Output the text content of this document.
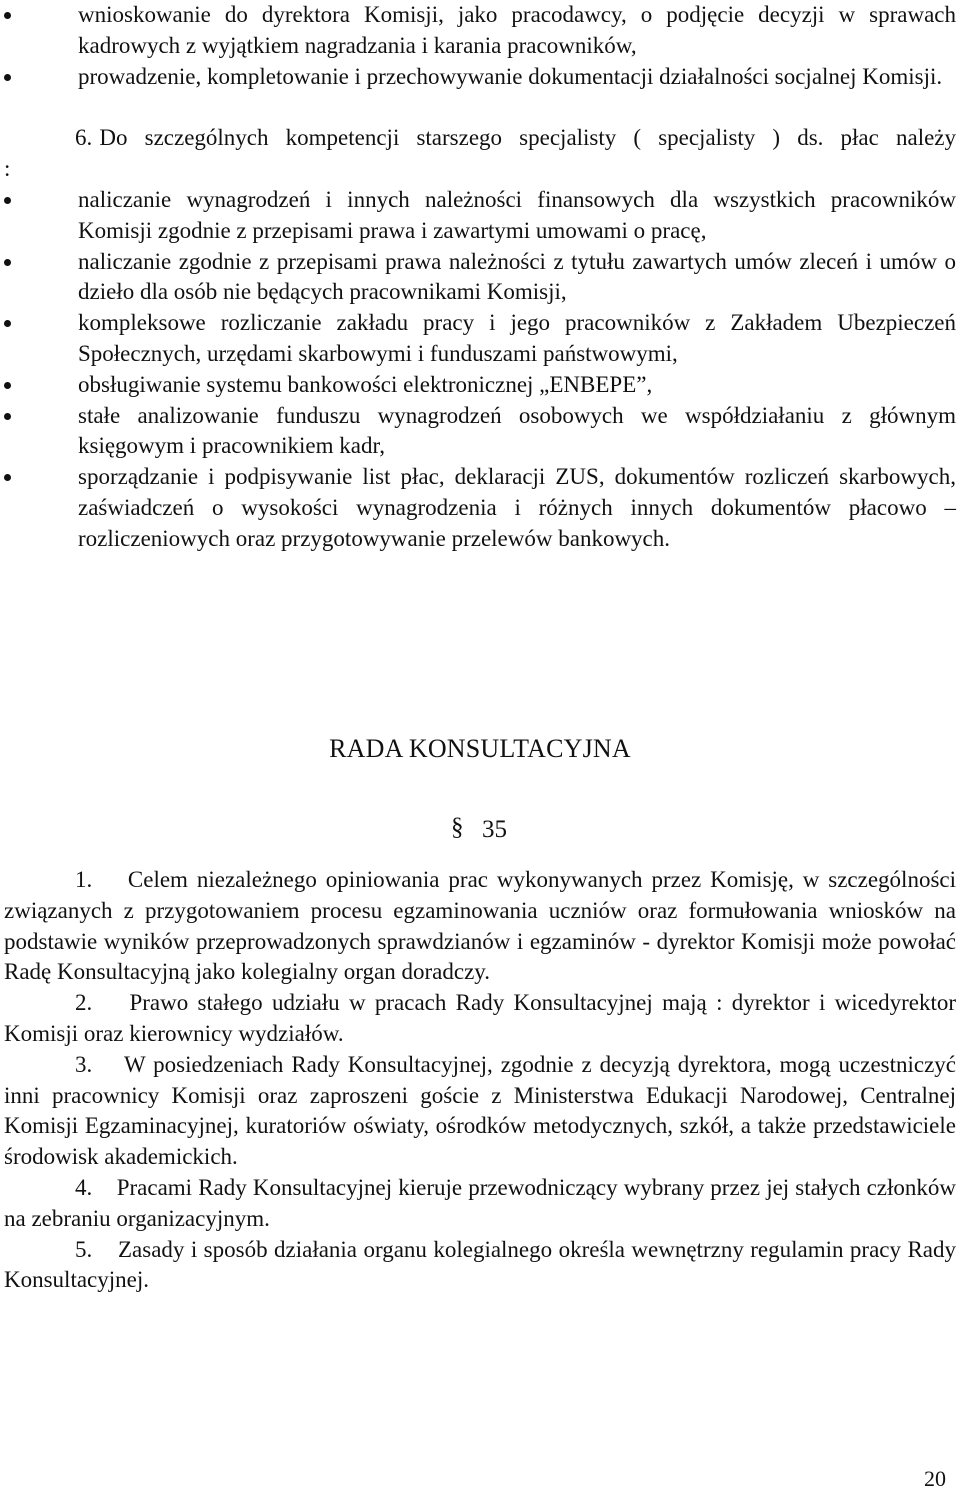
wnioskowanie do dyrektora Komisji, jako pracodawcy, o podjęcie decyzji w sprawach kadrowych z wyjątkiem nagradzania i karania pracowników,
prowadzenie, kompletowanie i przechowywanie dokumentacji działalności socjalnej Komisji.
6. Do szczególnych kompetencji starszego specjalisty ( specjalisty ) ds. płac należy :
naliczanie wynagrodzeń i innych należności finansowych dla wszystkich pracowników Komisji zgodnie z przepisami prawa i zawartymi umowami o pracę,
naliczanie zgodnie z przepisami prawa należności z tytułu zawartych umów zleceń i umów o dzieło dla osób nie będących pracownikami Komisji,
kompleksowe rozliczanie zakładu pracy i jego pracowników z Zakładem Ubezpieczeń Społecznych, urzędami skarbowymi i funduszami państwowymi,
obsługiwanie systemu bankowości elektronicznej „ENBEPE”,
stałe analizowanie funduszu wynagrodzeń osobowych we współdziałaniu z głównym księgowym i pracownikiem kadr,
sporządzanie i podpisywanie list płac, deklaracji ZUS, dokumentów rozliczeń skarbowych, zaświadczeń o wysokości wynagrodzenia i różnych innych dokumentów płacowo – rozliczeniowych oraz przygotowywanie przelewów bankowych.
RADA KONSULTACYJNA
§ 35
1. Celem niezależnego opiniowania prac wykonywanych przez Komisję, w szczególności związanych z przygotowaniem procesu egzaminowania uczniów oraz formułowania wniosków na podstawie wyników przeprowadzonych sprawdzianów i egzaminów - dyrektor Komisji może powołać Radę Konsultacyjną jako kolegialny organ doradczy.
2. Prawo stałego udziału w pracach Rady Konsultacyjnej mają : dyrektor i wicedyrektor Komisji oraz kierownicy wydziałów.
3. W posiedzeniach Rady Konsultacyjnej, zgodnie z decyzją dyrektora, mogą uczestniczyć inni pracownicy Komisji oraz zaproszeni goście z Ministerstwa Edukacji Narodowej, Centralnej Komisji Egzaminacyjnej, kuratoriów oświaty, ośrodków metodycznych, szkół, a także przedstawiciele środowisk akademickich.
4. Pracami Rady Konsultacyjnej kieruje przewodniczący wybrany przez jej stałych członków na zebraniu organizacyjnym.
5. Zasady i sposób działania organu kolegialnego określa wewnętrzny regulamin pracy Rady Konsultacyjnej.
20
